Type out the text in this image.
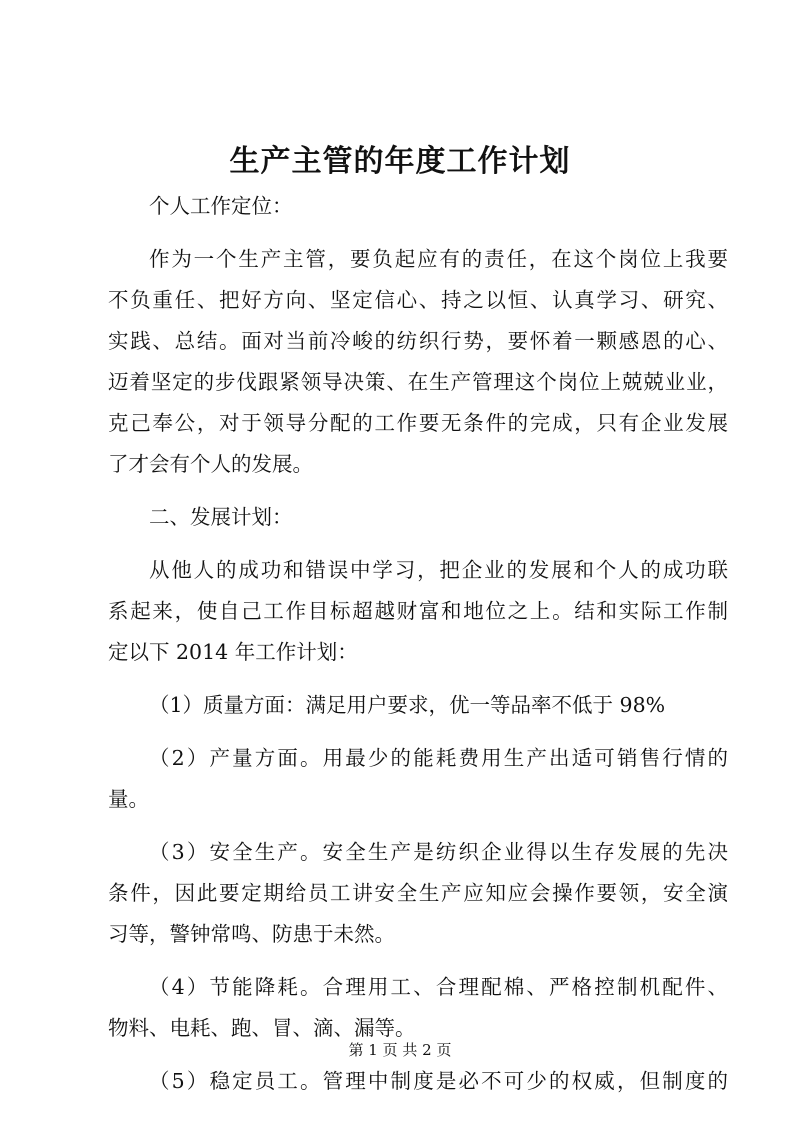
生产主管的年度工作计划
个人工作定位：
作为一个生产主管，要负起应有的责任，在这个岗位上我要
不负重任、把好方向、坚定信心、持之以恒、认真学习、研究、
实践、总结。面对当前冷峻的纺织行势，要怀着一颗感恩的心、
迈着坚定的步伐跟紧领导决策、在生产管理这个岗位上兢兢业业，
克己奉公，对于领导分配的工作要无条件的完成，只有企业发展
了才会有个人的发展。
二、发展计划：
从他人的成功和错误中学习，把企业的发展和个人的成功联
系起来，使自己工作目标超越财富和地位之上。结和实际工作制
定以下 2014 年工作计划：
（1）质量方面：满足用户要求，优一等品率不低于 98%
（2）产量方面。用最少的能耗费用生产出适可销售行情的
量。
（3）安全生产。安全生产是纺织企业得以生存发展的先决
条件，因此要定期给员工讲安全生产应知应会操作要领，安全演
习等，警钟常鸣、防患于未然。
（4）节能降耗。合理用工、合理配棉、严格控制机配件、
物料、电耗、跑、冒、滴、漏等。
（5）稳定员工。管理中制度是必不可少的权威，但制度的
第 1 页 共 2 页
